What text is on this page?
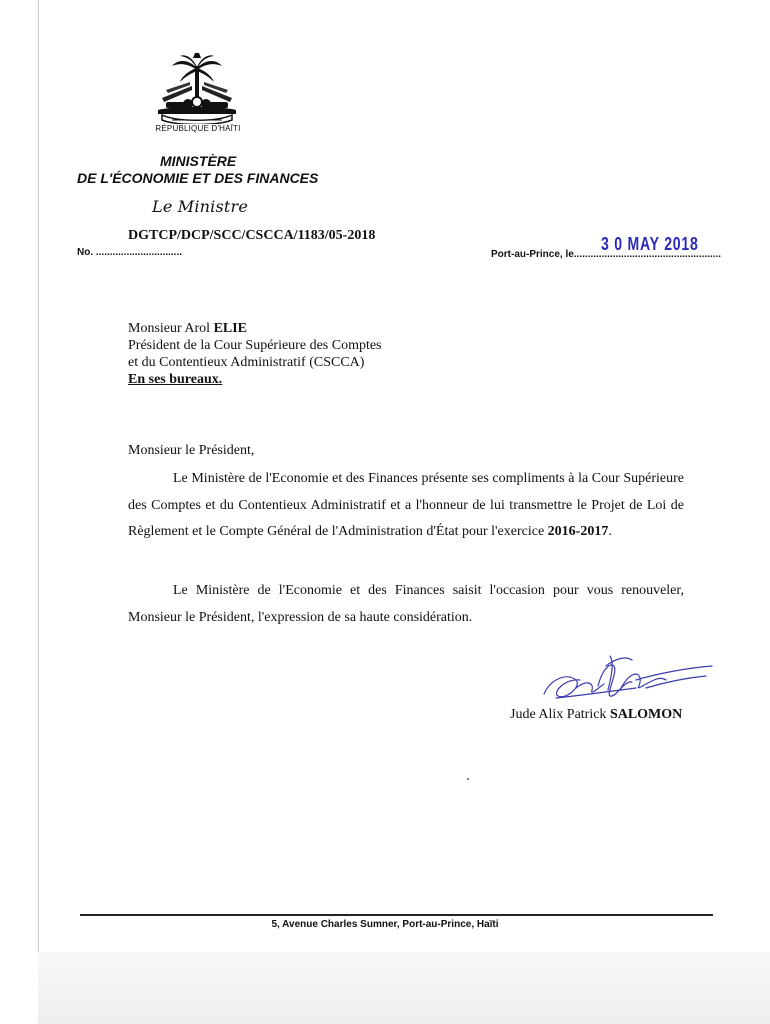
RÉPUBLIQUE D'HAÏTI
MINISTÈRE
DE L'ÉCONOMIE ET DES FINANCES
Le Ministre
DGTCP/DCP/SCC/CSCCA/1183/05-2018
No. ...............................	Port-au-Prince, le.....................................................
3 0 MAY 2018
Monsieur Arol ELIE
Président de la Cour Supérieure des Comptes
et du Contentieux Administratif (CSCCA)
En ses bureaux.
Monsieur le Président,
Le Ministère de l'Economie et des Finances présente ses compliments à la Cour Supérieure des Comptes et du Contentieux Administratif et a l'honneur de lui transmettre le Projet de Loi de Règlement et le Compte Général de l'Administration d'État pour l'exercice 2016-2017.
Le Ministère de l'Economie et des Finances saisit l'occasion pour vous renouveler, Monsieur le Président, l'expression de sa haute considération.
Jude Alix Patrick SALOMON
5, Avenue Charles Sumner, Port-au-Prince, Haïti
